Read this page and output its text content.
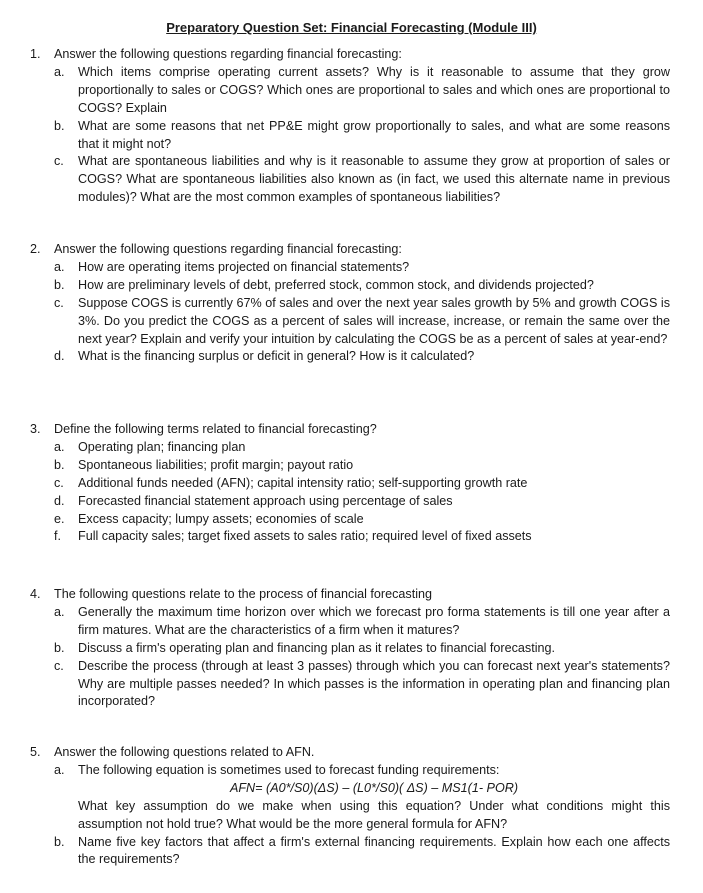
Preparatory Question Set: Financial Forecasting (Module III)
1. Answer the following questions regarding financial forecasting:
a. Which items comprise operating current assets? Why is it reasonable to assume that they grow proportionally to sales or COGS? Which ones are proportional to sales and which ones are proportional to COGS? Explain
b. What are some reasons that net PP&E might grow proportionally to sales, and what are some reasons that it might not?
c. What are spontaneous liabilities and why is it reasonable to assume they grow at proportion of sales or COGS? What are spontaneous liabilities also known as (in fact, we used this alternate name in previous modules)? What are the most common examples of spontaneous liabilities?
2. Answer the following questions regarding financial forecasting:
a. How are operating items projected on financial statements?
b. How are preliminary levels of debt, preferred stock, common stock, and dividends projected?
c. Suppose COGS is currently 67% of sales and over the next year sales growth by 5% and growth COGS is 3%. Do you predict the COGS as a percent of sales will increase, increase, or remain the same over the next year? Explain and verify your intuition by calculating the COGS be as a percent of sales at year-end?
d. What is the financing surplus or deficit in general? How is it calculated?
3. Define the following terms related to financial forecasting?
a. Operating plan; financing plan
b. Spontaneous liabilities; profit margin; payout ratio
c. Additional funds needed (AFN); capital intensity ratio; self-supporting growth rate
d. Forecasted financial statement approach using percentage of sales
e. Excess capacity; lumpy assets; economies of scale
f. Full capacity sales; target fixed assets to sales ratio; required level of fixed assets
4. The following questions relate to the process of financial forecasting
a. Generally the maximum time horizon over which we forecast pro forma statements is till one year after a firm matures. What are the characteristics of a firm when it matures?
b. Discuss a firm's operating plan and financing plan as it relates to financial forecasting.
c. Describe the process (through at least 3 passes) through which you can forecast next year's statements? Why are multiple passes needed? In which passes is the information in operating plan and financing plan incorporated?
5. Answer the following questions related to AFN.
a. The following equation is sometimes used to forecast funding requirements:
AFN= (A0*/S0)(ΔS) – (L0*/S0)( ΔS) – MS1(1- POR)
What key assumption do we make when using this equation? Under what conditions might this assumption not hold true? What would be the more general formula for AFN?
b. Name five key factors that affect a firm's external financing requirements. Explain how each one affects the requirements?
